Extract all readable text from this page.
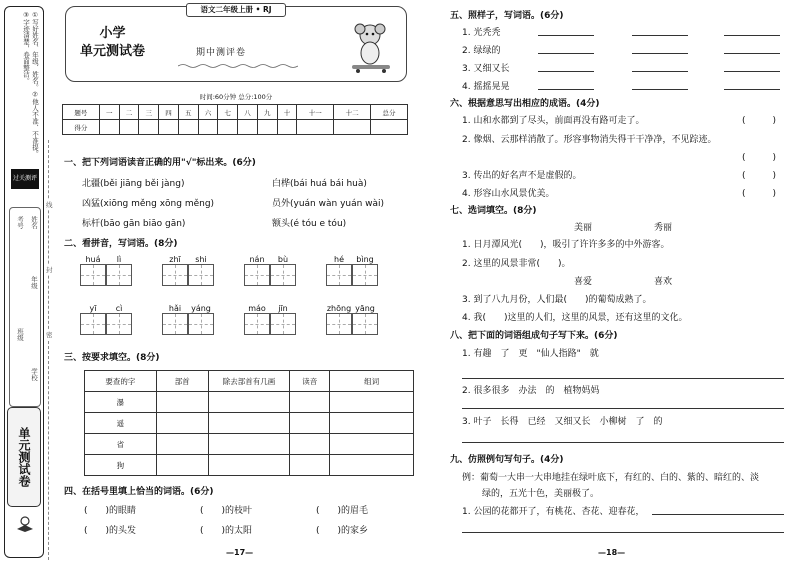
①写好姓名、年级、姓名。②他人不准、不准提。③字迹清楚，卷面整洁。
过关测评
姓名
年级
考号
班级
学校
单元测试卷
线
封
密
语文二年级上册 • RJ
小学
单元测试卷	期中测评卷
时间:60分钟 总分:100分
题号	一	二	三	四	五	六	七	八	九	十	十一	十二	总分
得分													
一、把下列词语读音正确的用"√"标出来。(6分)
北疆(běi jiāng běi jàng)	白桦(bái huá bái huà)
凶猛(xiōng měng xōng měng)	员外(yuán wàn yuán wài)
标杆(bāo gān biāo gān)	额头(é tóu e tóu)
二、看拼音，写词语。(8分)
huá	lì	zhī	shi	nán	bù	hé	bìng
yī	cì	hǎi	yáng	máo	jīn	zhōng yāng
三、按要求填空。(8分)
要查的字	部首	除去部首有几画	读音	组词
瀑				
遥				
省				
狗				
四、在括号里填上恰当的词语。(6分)
(　　)的眼睛	(　　)的枝叶	(　　)的眉毛
(　　)的头发	(　　)的太阳	(　　)的家乡
—17—
五、照样子，写词语。(6分)
1. 光秃秃
2. 绿绿的
3. 又细又长
4. 摇摇晃晃
六、根据意思写出相应的成语。(4分)
1. 山和水都到了尽头，前面再没有路可走了。	(　　　)
2. 像烟、云那样消散了。形容事物消失得干干净净，不见踪迹。
(　　　)
3. 传出的好名声不是虚假的。	(　　　)
4. 形容山水风景优美。	(　　　)
七、选词填空。(8分)
美丽	秀丽
1. 日月潭风光(　　)，吸引了许许多多的中外游客。
2. 这里的风景非常(　　)。
喜爱	喜欢
3. 到了八九月份，人们最(　　)的葡萄成熟了。
4. 我(　　)这里的人们，这里的风景，还有这里的文化。
八、把下面的词语组成句子写下来。(6分)
1. 有趣　了　更　"仙人指路"　就
2. 很多很多　办法　的　植物妈妈
3. 叶子　长得　已经　又细又长　小柳树　了　的
九、仿照例句写句子。(4分)
例：葡萄一大串一大串地挂在绿叶底下，有红的、白的、紫的、暗红的、淡
绿的，五光十色，美丽极了。
1. 公园的花都开了，有桃花、杏花、迎春花，
—18—
